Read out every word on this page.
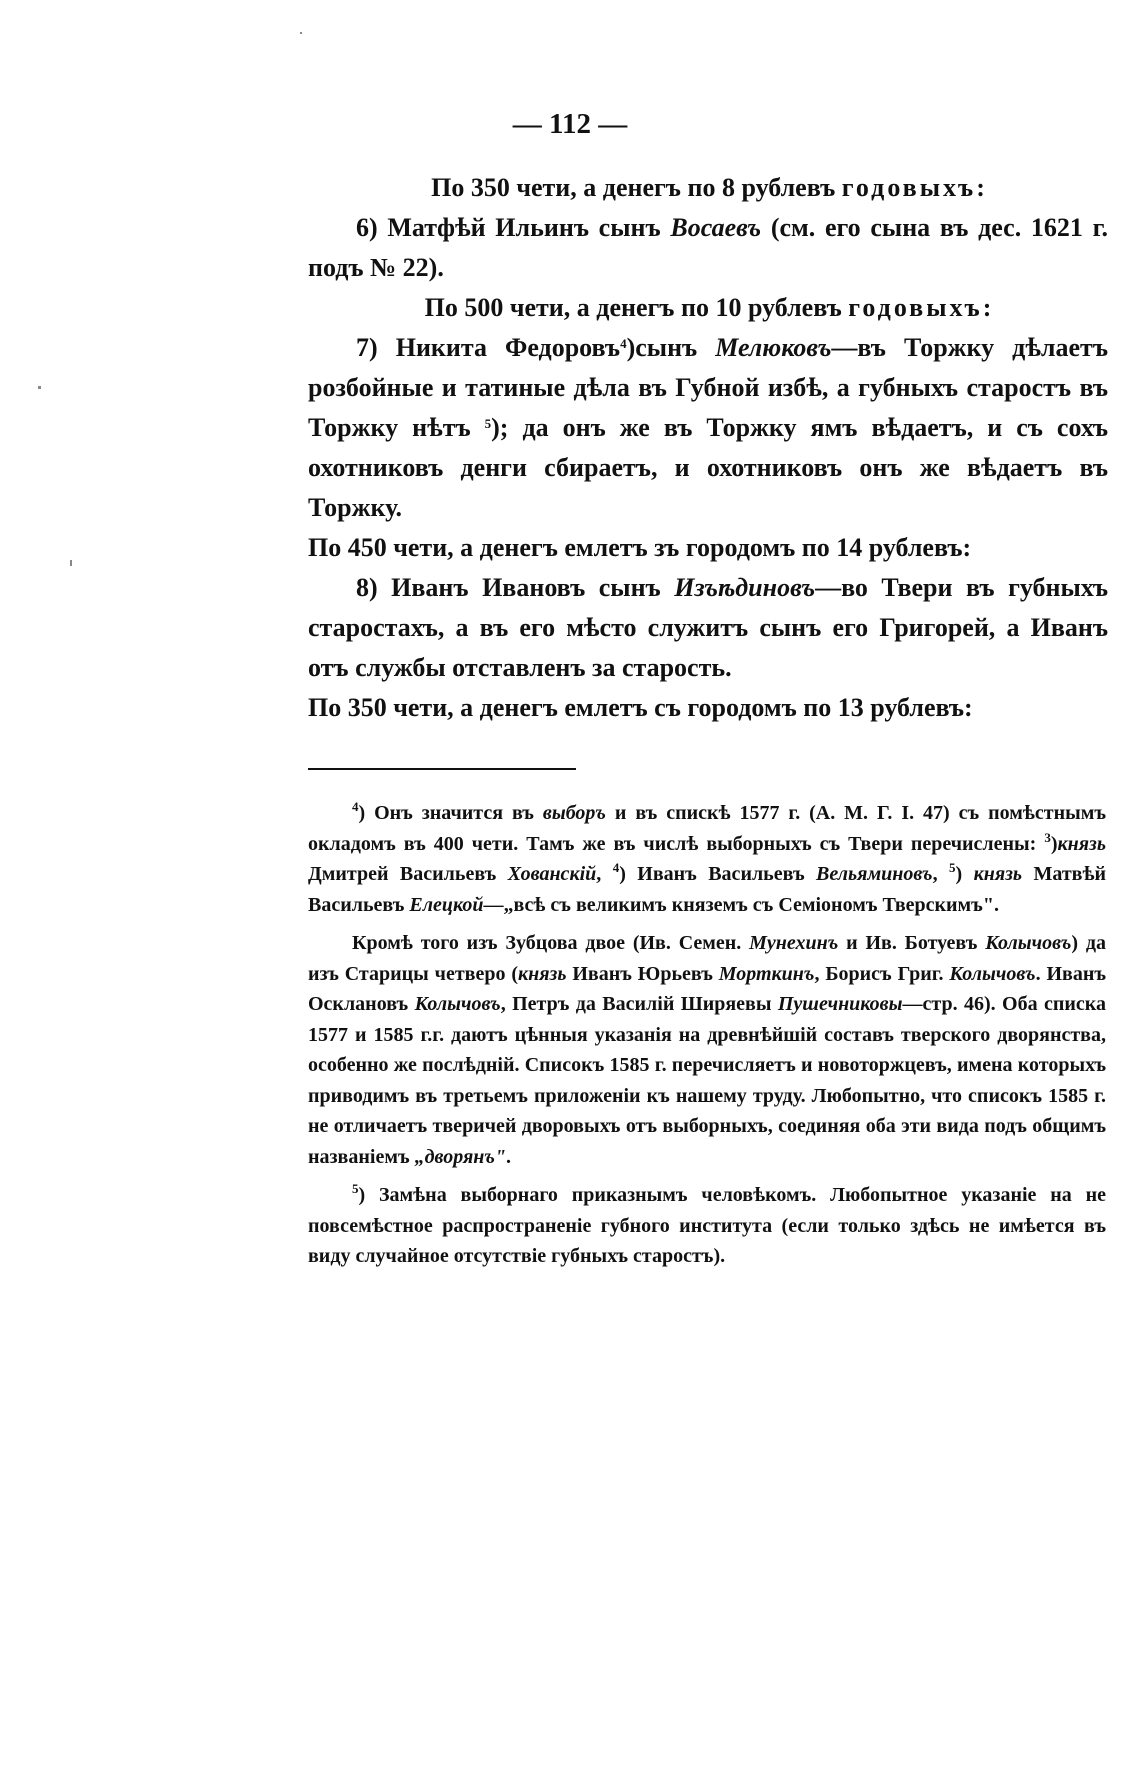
— 112 —

По 350 чети, а денегъ по 8 рублевъ годовыхъ:

6) Матфѣй Ильинъ сынъ Восаевъ (см. его сына въ дес. 1621 г. подъ № 22).

По 500 чети, а денегъ по 10 рублевъ годовыхъ:

7) Никита Федоровъ$^4$)сынъ Мелюковъ—въ Торжку дѣлаетъ розбойные и татиные дѣла въ Губной избѣ, а губныхъ старостъ въ Торжку нѣтъ $^5$); да онъ же въ Торжку ямъ вѣдаетъ, и съ сохъ охотниковъ денги сбираетъ, и охотниковъ онъ же вѣдаетъ въ Торжку.

По 450 чети, а денегъ емлетъ зъ городомъ по 14 рублевъ:

8) Иванъ Ивановъ сынъ Изъѣдиновъ—во Твери въ губныхъ старостахъ, а въ его мѣсто служитъ сынъ его Григорей, а Иванъ отъ службы отставленъ за старость.

По 350 чети, а денегъ емлетъ съ городомъ по 13 рублевъ:

$^4$) Онъ значится въ выборъ и въ спискѣ 1577 г. (А. М. Г. I. 47) съ помѣстнымъ окладомъ въ 400 чети. Тамъ же въ числѣ выборныхъ съ Твери перечислены: $^3$)князь Дмитрей Васильевъ Хованскій, $^4$) Иванъ Васильевъ Вельяминовъ, $^5$) князь Матвѣй Васильевъ Елецкой—„всѣ съ великимъ княземъ съ Семіономъ Тверскимъ".

Кромѣ того изъ Зубцова двое (Ив. Семен. Мунехинъ и Ив. Ботуевъ Колычовъ) да изъ Старицы четверо (князь Иванъ Юрьевъ Морткинъ, Борисъ Григ. Колычовъ. Иванъ Осклановъ Колычовъ, Петръ да Василій Ширяевы Пушечниковы—стр. 46). Оба списка 1577 и 1585 г.г. даютъ цѣнныя указанія на древнѣйшій составъ тверского дворянства, особенно же послѣдній. Списокъ 1585 г. перечисляетъ и новоторжцевъ, имена которыхъ приводимъ въ третьемъ приложеніи къ нашему труду. Любопытно, что списокъ 1585 г. не отличаетъ тверичей дворовыхъ отъ выборныхъ, соединяя оба эти вида подъ общимъ названіемъ „дворянъ".

$^5$) Замѣна выборнаго приказнымъ человѣкомъ. Любопытное указаніе на не повсемѣстное распространеніе губного института (если только здѣсь не имѣется въ виду случайное отсутствіе губныхъ старостъ).
